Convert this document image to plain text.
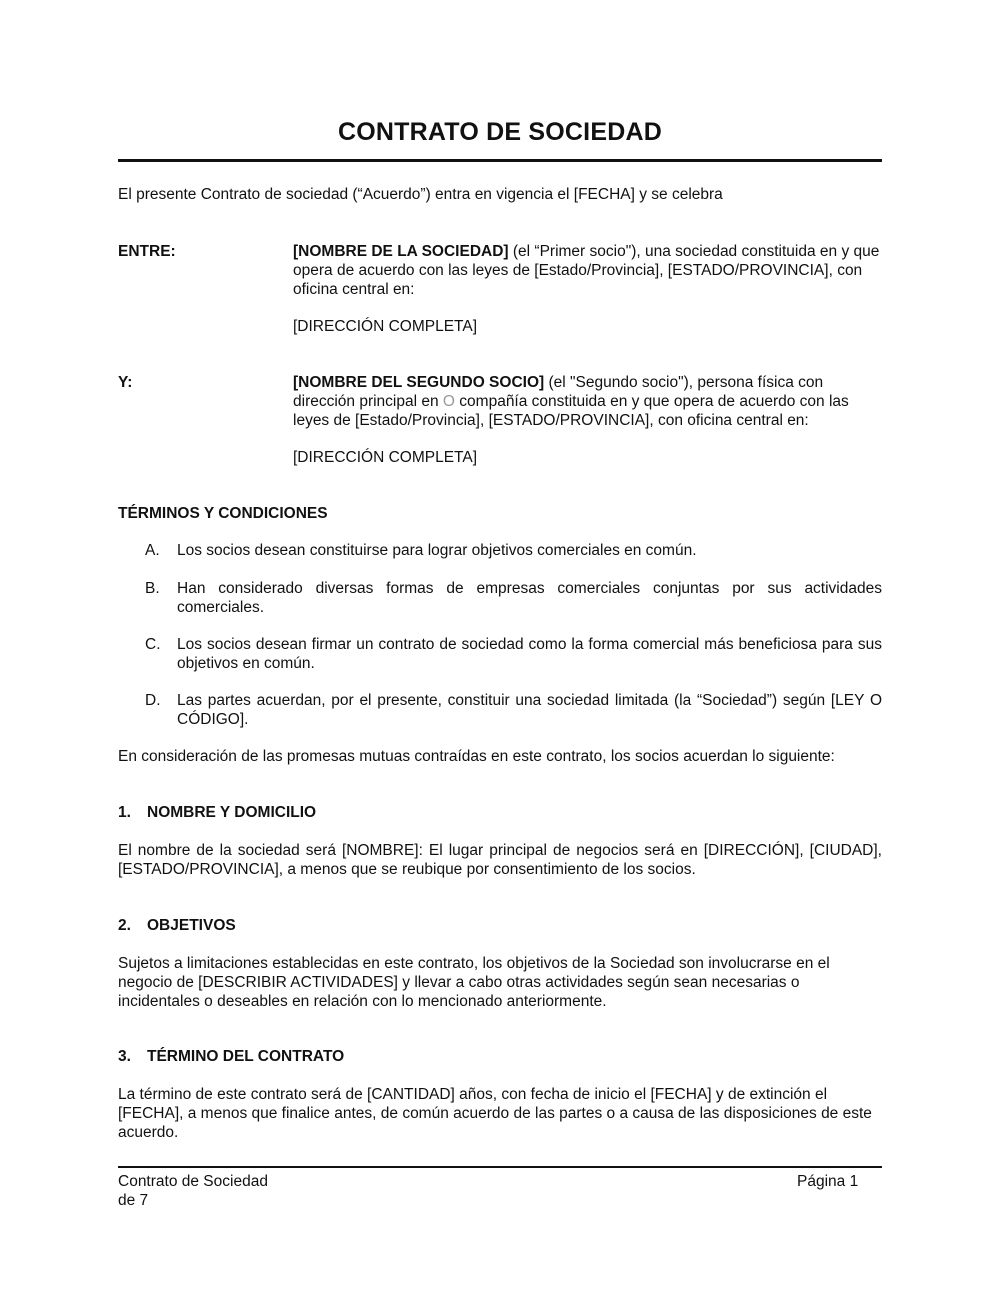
CONTRATO DE SOCIEDAD

El presente Contrato de sociedad (“Acuerdo”) entra en vigencia el [FECHA] y se celebra

ENTRE:	[NOMBRE DE LA SOCIEDAD] (el “Primer socio"), una sociedad constituida en y que opera de acuerdo con las leyes de [Estado/Provincia], [ESTADO/PROVINCIA], con oficina central en:

[DIRECCIÓN COMPLETA]

Y:	[NOMBRE DEL SEGUNDO SOCIO] (el "Segundo socio"), persona física con dirección principal en O compañía constituida en y que opera de acuerdo con las leyes de [Estado/Provincia], [ESTADO/PROVINCIA], con oficina central en:

[DIRECCIÓN COMPLETA]

TÉRMINOS Y CONDICIONES
A.	Los socios desean constituirse para lograr objetivos comerciales en común.
B.	Han considerado diversas formas de empresas comerciales conjuntas por sus actividades comerciales.
C.	Los socios desean firmar un contrato de sociedad como la forma comercial más beneficiosa para sus objetivos en común.
D.	Las partes acuerdan, por el presente, constituir una sociedad limitada (la “Sociedad”) según [LEY O CÓDIGO].

En consideración de las promesas mutuas contraídas en este contrato, los socios acuerdan lo siguiente:

1. NOMBRE Y DOMICILIO

El nombre de la sociedad será [NOMBRE]: El lugar principal de negocios será en [DIRECCIÓN], [CIUDAD], [ESTADO/PROVINCIA], a menos que se reubique por consentimiento de los socios.

2. OBJETIVOS

Sujetos a limitaciones establecidas en este contrato, los objetivos de la Sociedad son involucrarse en el negocio de [DESCRIBIR ACTIVIDADES] y llevar a cabo otras actividades según sean necesarias o incidentales o deseables en relación con lo mencionado anteriormente.

3. TÉRMINO DEL CONTRATO

La término de este contrato será de [CANTIDAD] años, con fecha de inicio el [FECHA] y de extinción el [FECHA], a menos que finalice antes, de común acuerdo de las partes o a causa de las disposiciones de este acuerdo.

Contrato de Sociedad
de 7
Página 1
